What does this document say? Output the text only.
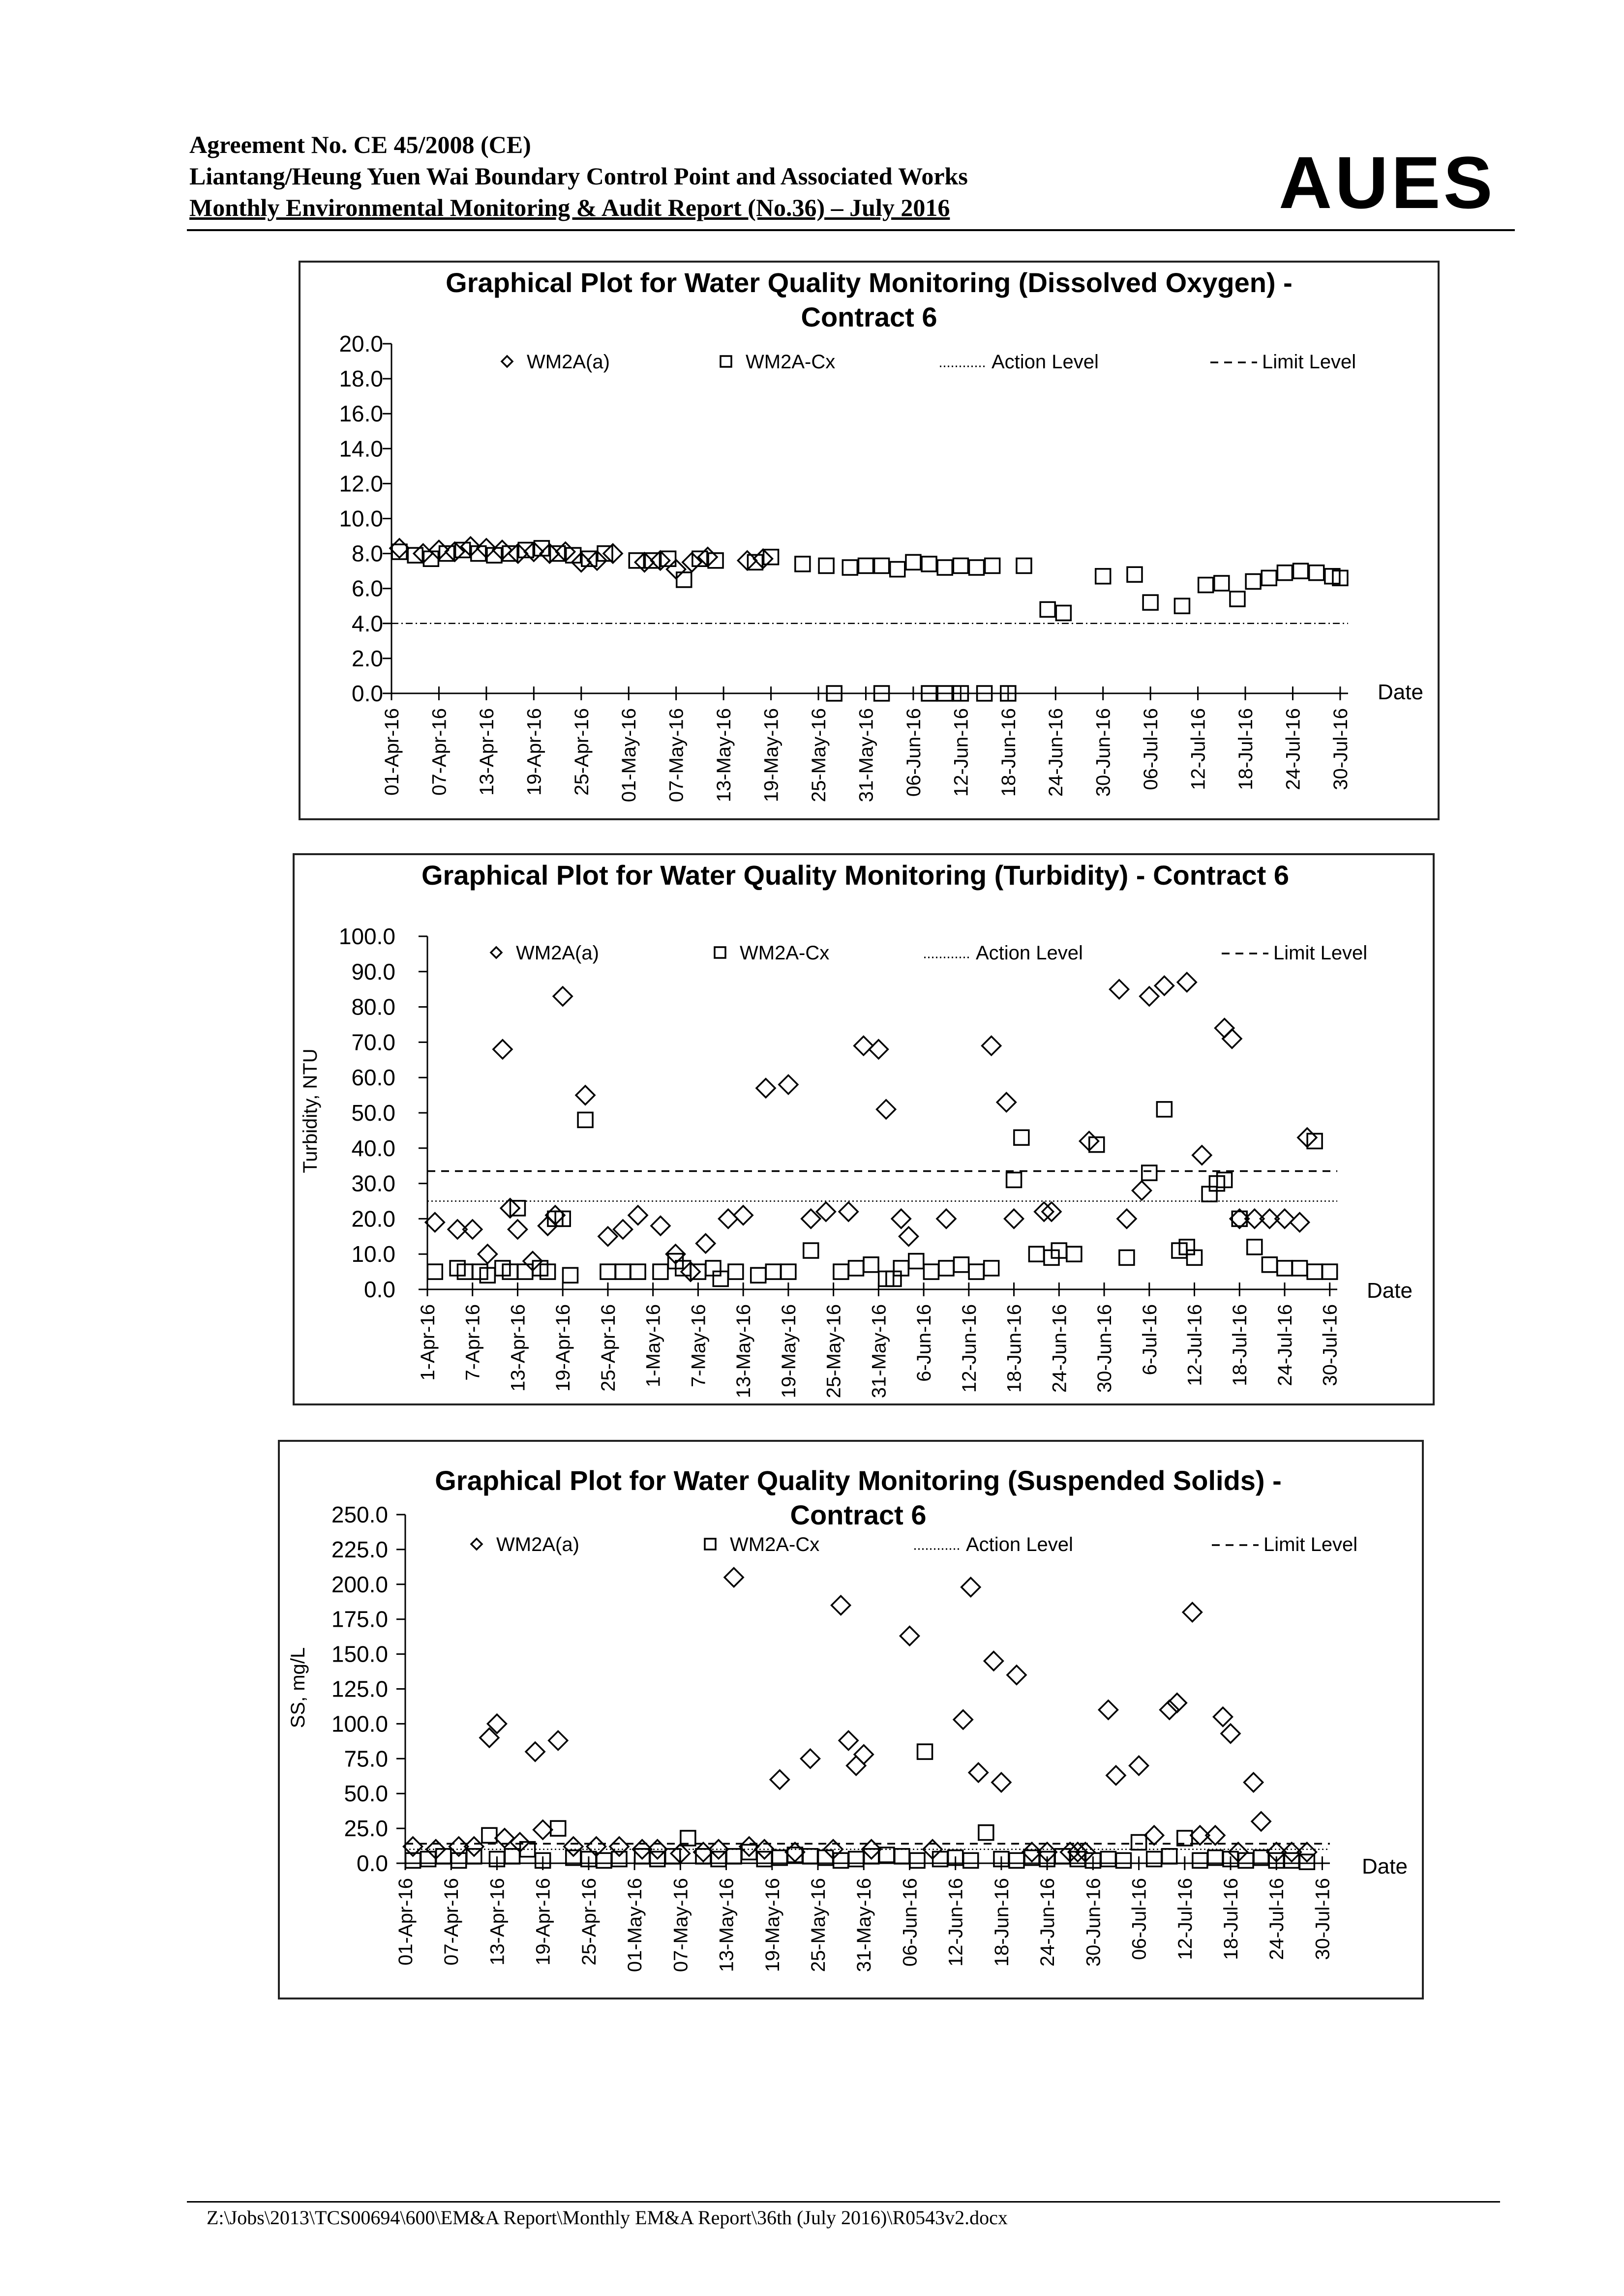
Agreement No. CE 45/2008 (CE)
Liantang/Heung Yuen Wai Boundary Control Point and Associated Works
Monthly Environmental Monitoring & Audit Report (No.36) – July 2016	AUES
Graphical Plot for Water Quality Monitoring (Dissolved Oxygen) -
Contract 6
WM2A(a)	WM2A-Cx	Action Level	Limit Level
0.0
2.0
4.0
6.0
8.0
10.0
12.0
14.0
16.0
18.0
20.0
01-Apr-16 07-Apr-16 13-Apr-16 19-Apr-16 25-Apr-16 01-May-16 07-May-16 13-May-16 19-May-16 25-May-16 31-May-16 06-Jun-16 12-Jun-16 18-Jun-16 24-Jun-16 30-Jun-16 06-Jul-16 12-Jul-16 18-Jul-16 24-Jul-16 30-Jul-16
Date
Graphical Plot for Water Quality Monitoring (Turbidity) - Contract 6
WM2A(a)	WM2A-Cx	Action Level	Limit Level
0.0
10.0
20.0
30.0
40.0
50.0
60.0
70.0
80.0
90.0
100.0
1-Apr-16 7-Apr-16 13-Apr-16 19-Apr-16 25-Apr-16 1-May-16 7-May-16 13-May-16 19-May-16 25-May-16 31-May-16 6-Jun-16 12-Jun-16 18-Jun-16 24-Jun-16 30-Jun-16 6-Jul-16 12-Jul-16 18-Jul-16 24-Jul-16 30-Jul-16
Date
Turbidity, NTU
Graphical Plot for Water Quality Monitoring (Suspended Solids) -
Contract 6
WM2A(a)	WM2A-Cx	Action Level	Limit Level
0.0
25.0
50.0
75.0
100.0
125.0
150.0
175.0
200.0
225.0
250.0
01-Apr-16 07-Apr-16 13-Apr-16 19-Apr-16 25-Apr-16 01-May-16 07-May-16 13-May-16 19-May-16 25-May-16 31-May-16 06-Jun-16 12-Jun-16 18-Jun-16 24-Jun-16 30-Jun-16 06-Jul-16 12-Jul-16 18-Jul-16 24-Jul-16 30-Jul-16
Date
SS, mg/L
Z:\Jobs\2013\TCS00694\600\EM&A Report\Monthly EM&A Report\36th (July 2016)\R0543v2.docx
